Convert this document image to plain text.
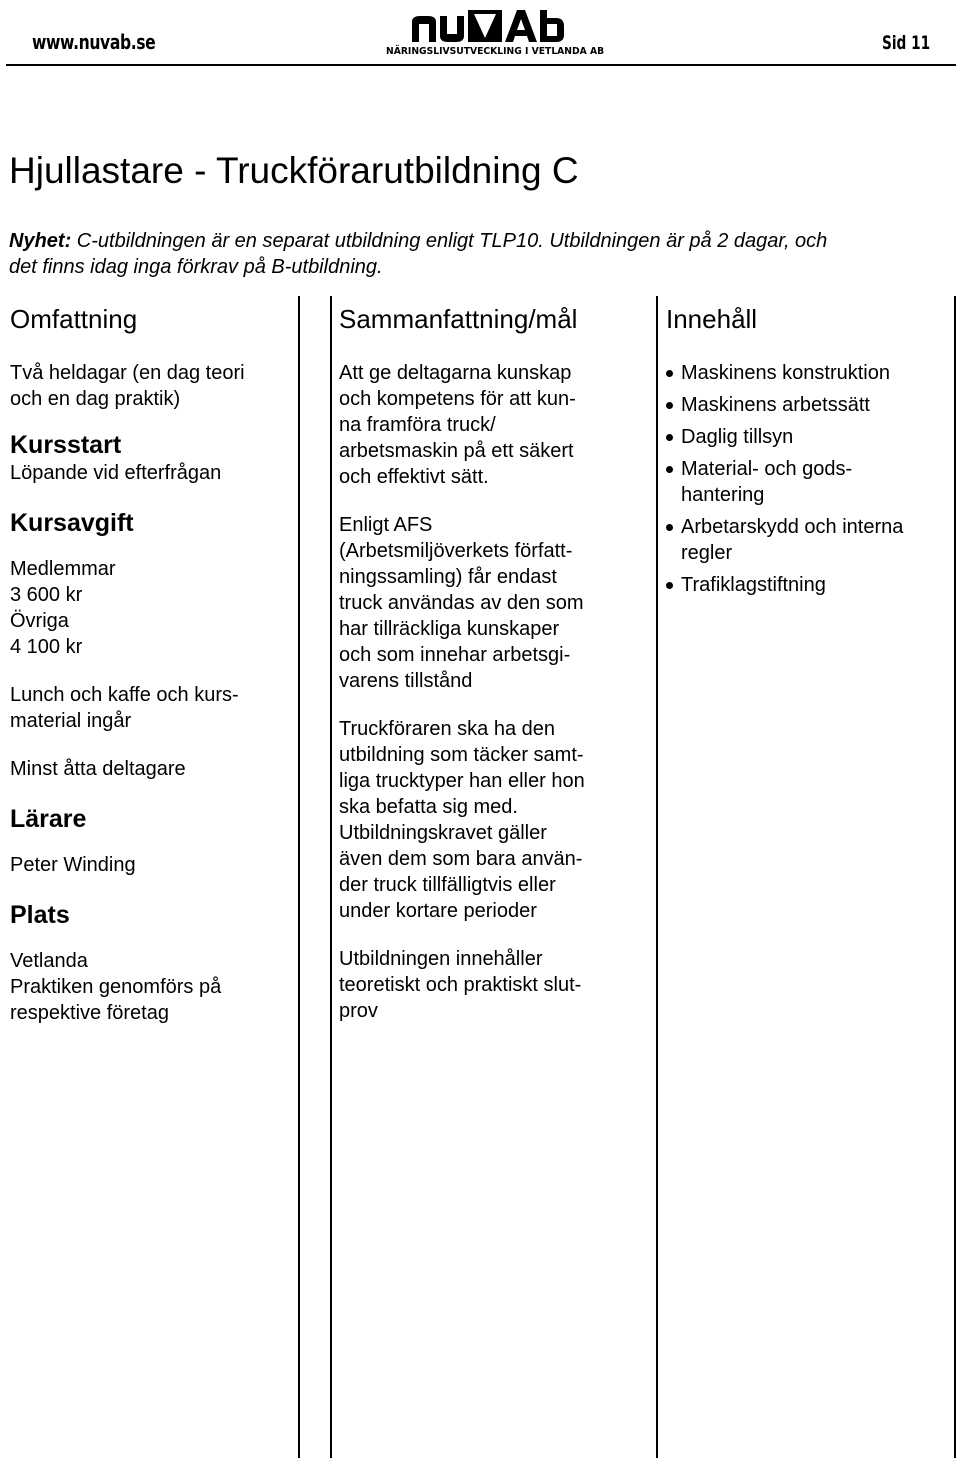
www.nuvab.se	NÄRINGSLIVSUTVECKLING I VETLANDA AB	Sid 11
Hjullastare - Truckförarutbildning C

Nyhet: C-utbildningen är en separat utbildning enligt TLP10. Utbildningen är på 2 dagar, och det finns idag inga förkrav på B-utbildning.

Omfattning
Två heldagar (en dag teori
och en dag praktik)
Kursstart
Löpande vid efterfrågan
Kursavgift
Medlemmar
3 600 kr
Övriga
4 100 kr
Lunch och kaffe och kurs-
material ingår
Minst åtta deltagare
Lärare
Peter Winding
Plats
Vetlanda
Praktiken genomförs på
respektive företag
Sammanfattning/mål
Att ge deltagarna kunskap
och kompetens för att kun-
na framföra truck/
arbetsmaskin på ett säkert
och effektivt sätt.
Enligt AFS
(Arbetsmiljöverkets författ-
ningssamling) får endast
truck användas av den som
har tillräckliga kunskaper
och som innehar arbetsgi-
varens tillstånd
Truckföraren ska ha den
utbildning som täcker samt-
liga trucktyper han eller hon
ska befatta sig med.
Utbildningskravet gäller
även dem som bara använ-
der truck tillfälligtvis eller
under kortare perioder
Utbildningen innehåller
teoretiskt och praktiskt slut-
prov
Innehåll
Maskinens konstruktion
Maskinens arbetssätt
Daglig tillsyn
Material- och gods-
hantering
Arbetarskydd och interna
regler
Trafiklagstiftning
